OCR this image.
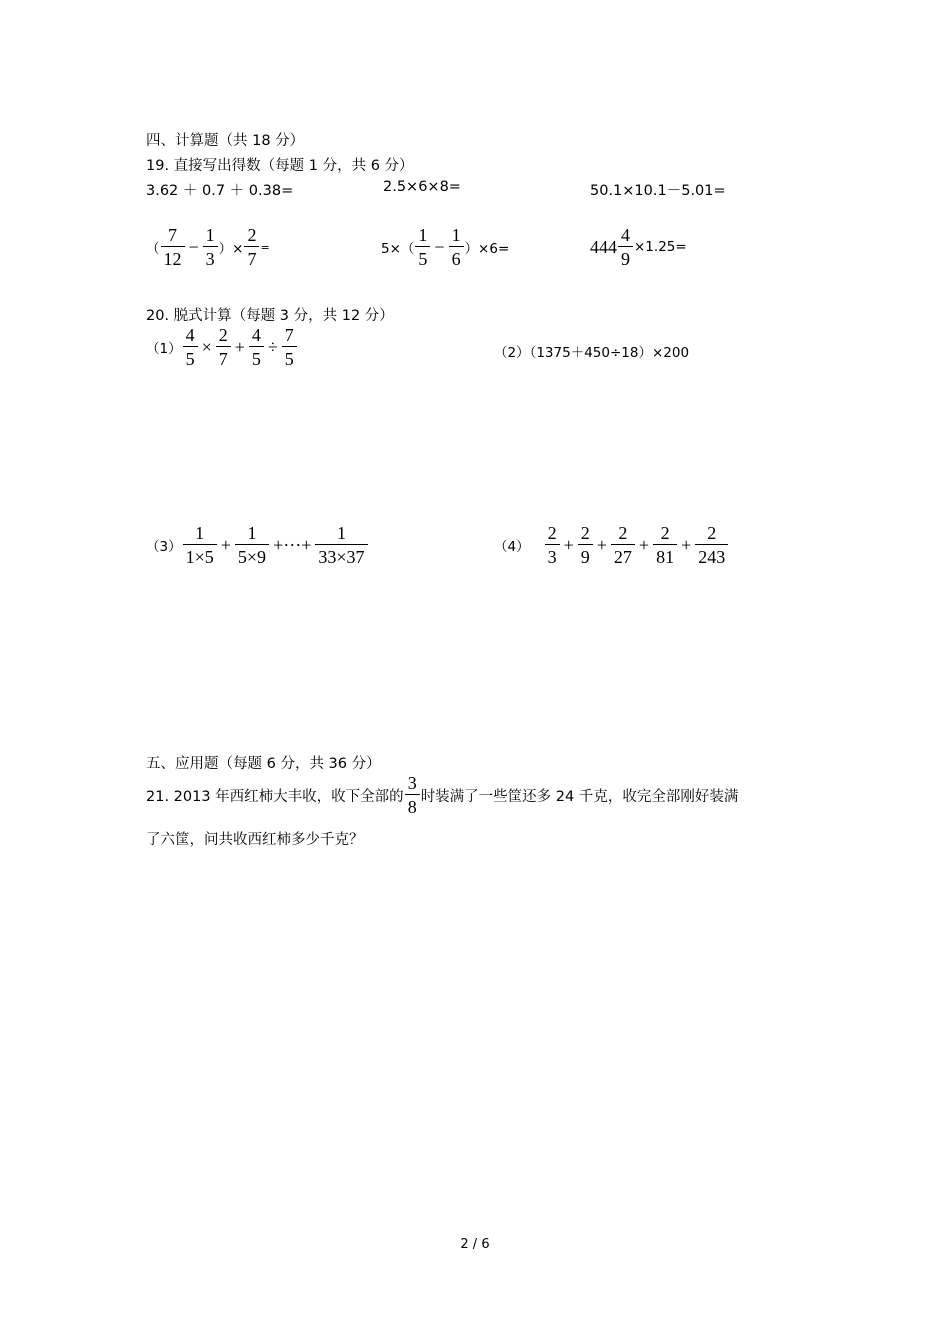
四、计算题（共 18 分）
19. 直接写出得数（每题 1 分，共 6 分）
3.62 ＋ 0.7 ＋ 0.38=	2.5×6×8=	50.1×10.1－5.01=
（ $\frac{7}{12} - \frac{1}{3}$ ）× $\frac{2}{7}$ =	$5\times( \frac{1}{5} - \frac{1}{6} )\times 6=$	$444 \frac{4}{9} \times 1.25=$
20. 脱式计算（每题 3 分，共 12 分）
$(1) \frac{4}{5} \times \frac{2}{7} + \frac{4}{5} \div \frac{7}{5}$	（2）（1375＋450÷18）×200
$(3) \frac{1}{1\times 5} + \frac{1}{5\times 9}$ +···+ $\frac{1}{33\times 37}$	$(4) \frac{2}{3} + \frac{2}{9} + \frac{2}{27} + \frac{2}{81} + \frac{2}{243}$
五、应用题（每题 6 分，共 36 分）
21. 2013 年西红柿大丰收，收下全部的 $\frac{3}{8}$ 时装满了一些筐还多 24 千克，收完全部刚好装满
了六筐，问共收西红柿多少千克？
2 / 6
